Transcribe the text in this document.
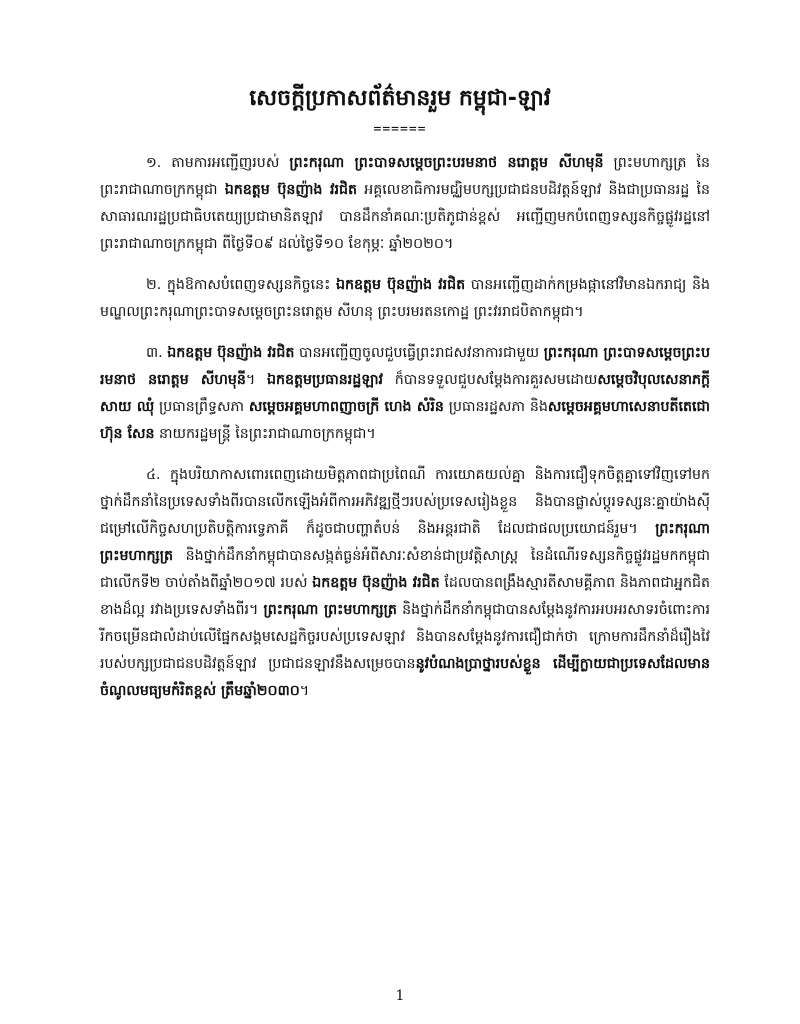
សេចក្តីប្រកាសព័ត៌មានរួម កម្ពុជា-ឡាវ
======

១. តាមការអញ្ជើញរបស់ ព្រះករុណា ព្រះបាទសម្តេចព្រះបរមនាថ នរោត្តម សីហមុនី ព្រះមហាក្សត្រ នៃព្រះរាជាណាចក្រកម្ពុជា ឯកឧត្តម ប៊ុនញ៉ាង វរជិត អគ្គលេខាធិការមជ្ឈិមបក្សប្រជាជនបដិវត្តន៍ឡាវ និងជាប្រធានរដ្ឋ នៃសាធារណរដ្ឋប្រជាធិបតេយ្យប្រជាមានិតឡាវ បានដឹកនាំគណៈប្រតិភូជាន់ខ្ពស់ អញ្ជើញមកបំពេញទស្សនកិច្ចផ្លូវរដ្ឋនៅព្រះរាជាណាចក្រកម្ពុជា ពីថ្ងៃទី០៩ ដល់ថ្ងៃទី១០ ខែកុម្ភៈ ឆ្នាំ២០២០។

២. ក្នុងឱកាសបំពេញទស្សនកិច្ចនេះ ឯកឧត្តម ប៊ុនញ៉ាង វរជិត បានអញ្ជើញដាក់កម្រងផ្កានៅវិមានឯករាជ្យ និងមណ្ឌលព្រះករុណាព្រះបាទសម្តេចព្រះនរោត្តម សីហនុ ព្រះបរមរតនកោដ្ឋ ព្រះវររាជបិតាកម្ពុជា។

៣. ឯកឧត្តម ប៊ុនញ៉ាង វរជិត បានអញ្ជើញចូលជួបធ្វើព្រះរាជសវនាការជាមួយ ព្រះករុណា ព្រះបាទសម្តេចព្រះបរមនាថ នរោត្តម សីហមុនី។ ឯកឧត្តមប្រធានរដ្ឋឡាវ ក៏បានទទួលជួបសម្តែងការគួរសមដោយសម្តេចវិបុលសេនាភក្តី សាយ ឈុំ ប្រធានព្រឹទ្ធសភា សម្តេចអគ្គមហាពញាចក្រី ហេង សំរិន ប្រធានរដ្ឋសភា និងសម្តេចអគ្គមហាសេនាបតីតេជោ ហ៊ុន សែន នាយករដ្ឋមន្ត្រី នៃព្រះរាជាណាចក្រកម្ពុជា។

៤. ក្នុងបរិយាកាសពោរពេញដោយមិត្តភាពជាប្រពៃណី ការយោគយល់គ្នា និងការជឿទុកចិត្តគ្នាទៅវិញទៅមក ថ្នាក់ដឹកនាំនៃប្រទេសទាំងពីរបានលើកឡើងអំពីការអភិវឌ្ឍថ្មីៗរបស់ប្រទេសរៀងខ្លួន និងបានផ្លាស់ប្តូរទស្សនៈគ្នាយ៉ាងស៊ីជម្រៅលើកិច្ចសហប្រតិបត្តិការទ្វេភាគី ក៏ដូចជាបញ្ហាតំបន់ និងអន្តរជាតិ ដែលជាផលប្រយោជន៍រួម។ ព្រះករុណា ព្រះមហាក្សត្រ និងថ្នាក់ដឹកនាំកម្ពុជាបានសង្កត់ធ្ងន់អំពីសារៈសំខាន់ជាប្រវត្តិសាស្ត្រ នៃដំណើរទស្សនកិច្ចផ្លូវរដ្ឋមកកម្ពុជា ជាលើកទី២ ចាប់តាំងពីឆ្នាំ២០១៧ របស់ ឯកឧត្តម ប៊ុនញ៉ាង វរជិត ដែលបានពង្រឹងស្មារតីសាមគ្គីភាព និងភាពជាអ្នកជិតខាងដ៏ល្អ រវាងប្រទេសទាំងពីរ។ ព្រះករុណា ព្រះមហាក្សត្រ និងថ្នាក់ដឹកនាំកម្ពុជាបានសម្តែងនូវការអបអរសាទរចំពោះការរីកចម្រើនជាលំដាប់លើផ្នែកសង្គមសេដ្ឋកិច្ចរបស់ប្រទេសឡាវ និងបានសម្តែងនូវការជឿជាក់ថា ក្រោមការដឹកនាំដ៏រឿងវៃរបស់បក្សប្រជាជនបដិវត្តន៍ឡាវ ប្រជាជនឡាវនឹងសម្រេចបាននូវបំណងប្រាថ្នារបស់ខ្លួន ដើម្បីក្លាយជាប្រទេសដែលមានចំណូលមធ្យមកំរិតខ្ពស់ ត្រឹមឆ្នាំ២០៣០។

1
